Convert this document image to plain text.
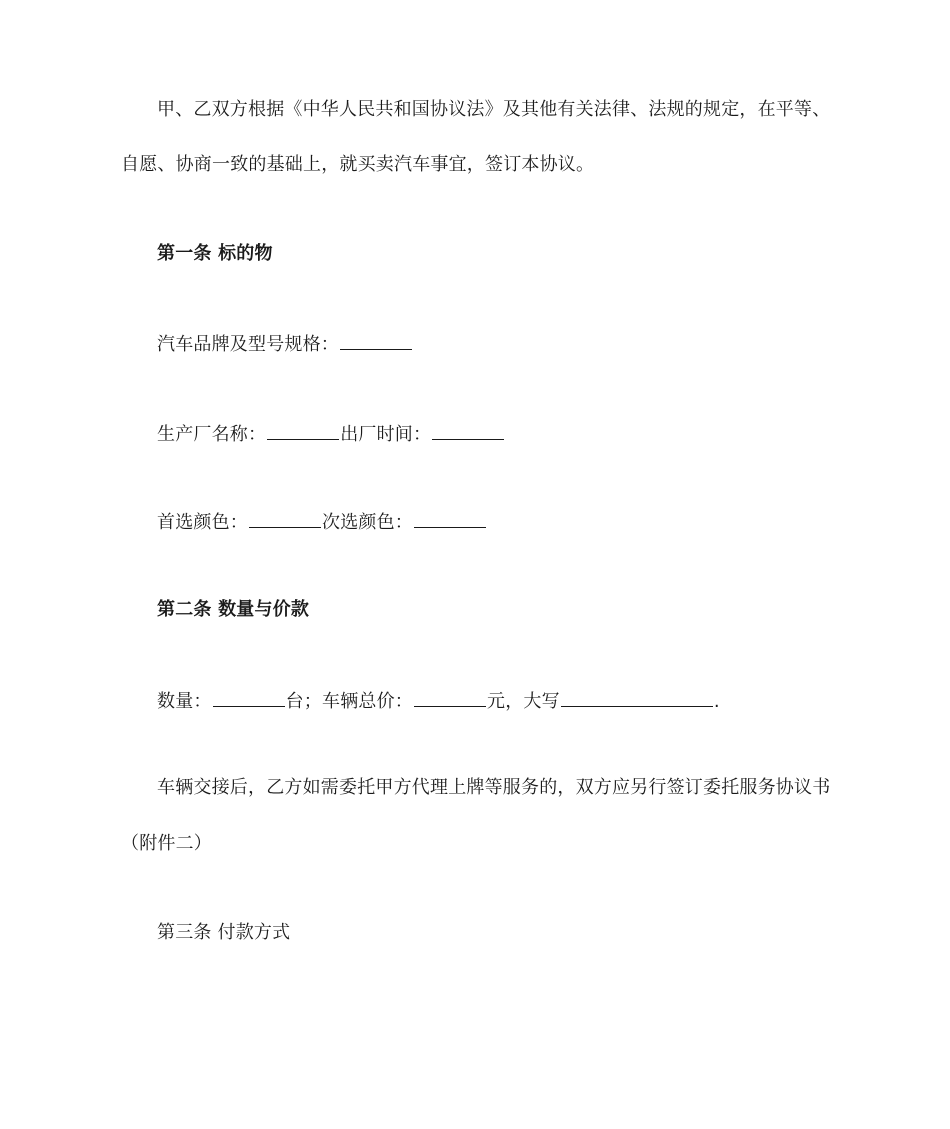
甲、乙双方根据《中华人民共和国协议法》及其他有关法律、法规的规定，在平等、
自愿、协商一致的基础上，就买卖汽车事宜，签订本协议。
第一条 标的物
汽车品牌及型号规格：
生产厂名称：	出厂时间：
首选颜色：	次选颜色：
第二条 数量与价款
数量：	台；车辆总价：	元，大写	.
车辆交接后，乙方如需委托甲方代理上牌等服务的，双方应另行签订委托服务协议书
（附件二）
第三条 付款方式
